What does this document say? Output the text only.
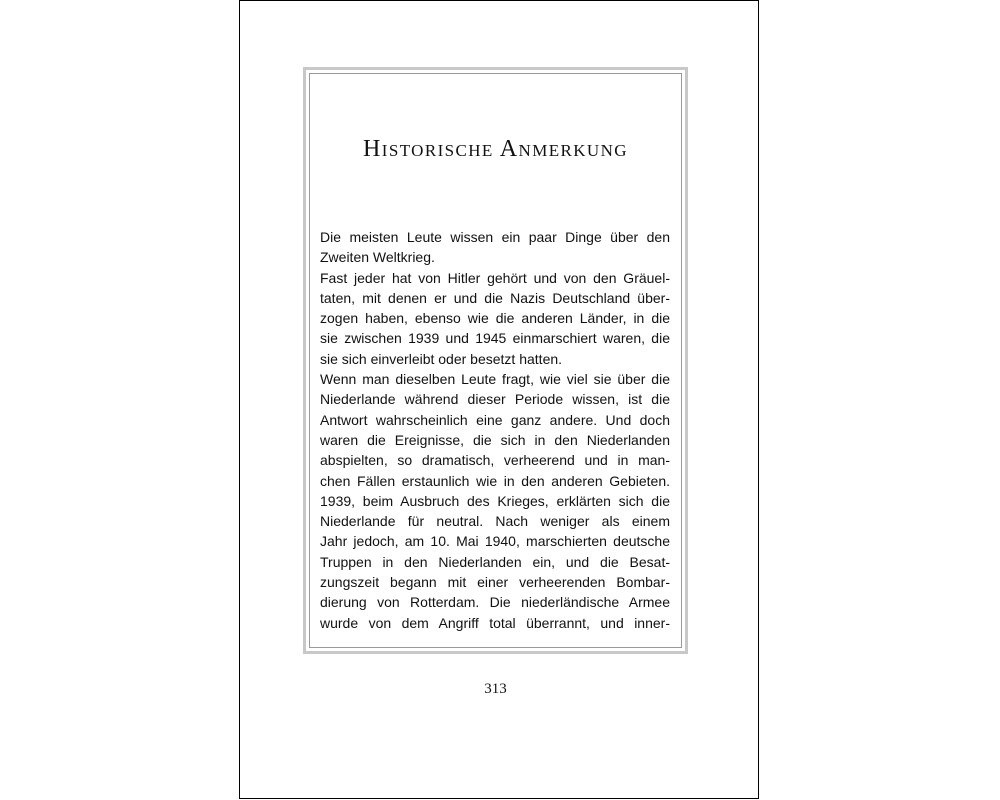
Historische Anmerkung
Die meisten Leute wissen ein paar Dinge über den
Zweiten Weltkrieg.
Fast jeder hat von Hitler gehört und von den Gräuel-
taten, mit denen er und die Nazis Deutschland über-
zogen haben, ebenso wie die anderen Länder, in die
sie zwischen 1939 und 1945 einmarschiert waren, die
sie sich einverleibt oder besetzt hatten.
Wenn man dieselben Leute fragt, wie viel sie über die
Niederlande während dieser Periode wissen, ist die
Antwort wahrscheinlich eine ganz andere. Und doch
waren die Ereignisse, die sich in den Niederlanden
abspielten, so dramatisch, verheerend und in man-
chen Fällen erstaunlich wie in den anderen Gebieten.
1939, beim Ausbruch des Krieges, erklärten sich die
Niederlande für neutral. Nach weniger als einem
Jahr jedoch, am 10. Mai 1940, marschierten deutsche
Truppen in den Niederlanden ein, und die Besat-
zungszeit begann mit einer verheerenden Bombar-
dierung von Rotterdam. Die niederländische Armee
wurde von dem Angriff total überrannt, und inner-
313
